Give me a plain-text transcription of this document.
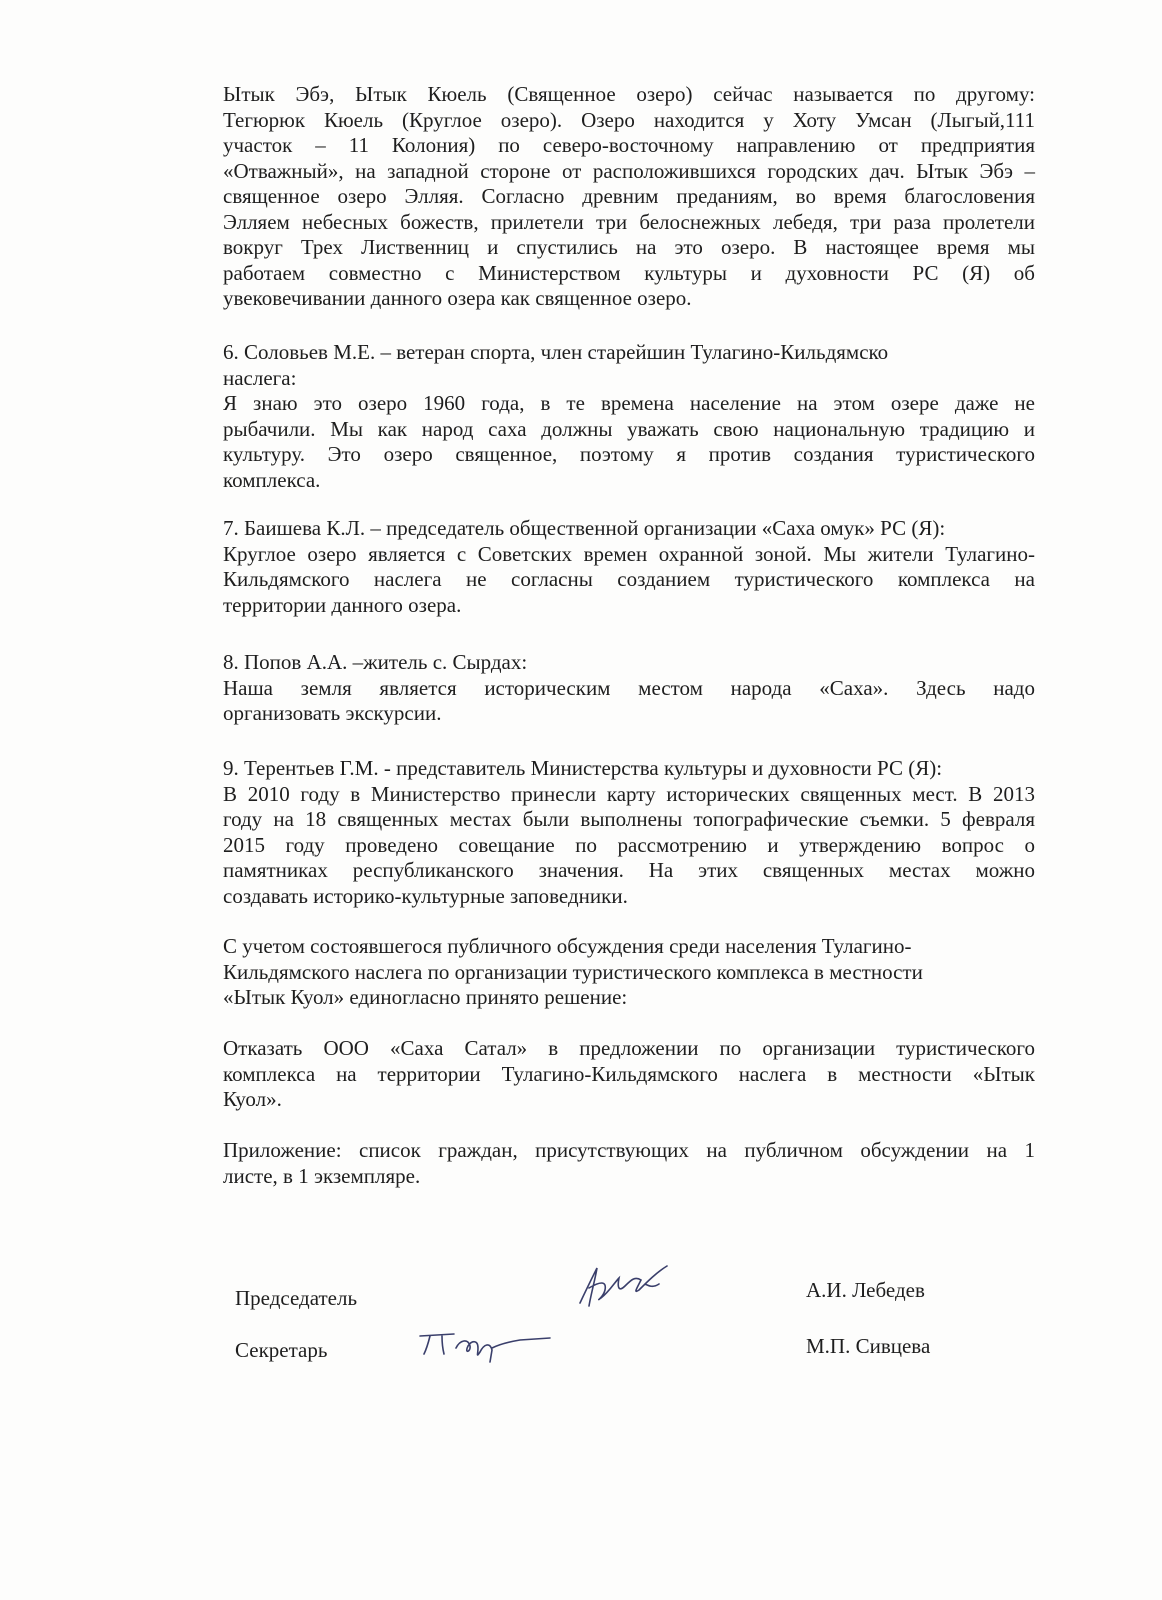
Ытык Эбэ, Ытык Кюель (Священное озеро) сейчас называется по другому:
Тегюрюк Кюель (Круглое озеро). Озеро находится у Хоту Умсан (Лыгый,111
участок – 11 Колония) по северо-восточному направлению от предприятия
«Отважный», на западной стороне от расположившихся городских дач. Ытык Эбэ –
священное озеро Элляя. Согласно древним преданиям, во время благословения
Элляем небесных божеств, прилетели три белоснежных лебедя, три раза пролетели
вокруг Трех Лиственниц и спустились на это озеро. В настоящее время мы
работаем совместно с Министерством культуры и духовности РС (Я) об
увековечивании данного озера как священное озеро.
6. Соловьев М.Е. – ветеран спорта, член старейшин Тулагино-Кильдямско
наслега:
Я знаю это озеро 1960 года, в те времена население на этом озере даже не
рыбачили. Мы как народ саха должны уважать свою национальную традицию и
культуру. Это озеро священное, поэтому я против создания туристического
комплекса.
7. Баишева К.Л. – председатель общественной организации «Саха омук» РС (Я):
Круглое озеро является с Советских времен охранной зоной. Мы жители Тулагино-
Кильдямского наслега не согласны созданием туристического комплекса на
территории данного озера.
8. Попов А.А. –житель с. Сырдах:
Наша земля является историческим местом народа «Саха». Здесь надо
организовать экскурсии.
9. Терентьев Г.М. - представитель Министерства культуры и духовности РС (Я):
В 2010 году в Министерство принесли карту исторических священных мест. В 2013
году на 18 священных местах были выполнены топографические съемки. 5 февраля
2015 году проведено совещание по рассмотрению и утверждению вопрос о
памятниках республиканского значения. На этих священных местах можно
создавать историко-культурные заповедники.
С учетом состоявшегося публичного обсуждения среди населения Тулагино-
Кильдямского наслега по организации туристического комплекса в местности
«Ытык Куол» единогласно принято решение:
Отказать ООО «Саха Сатал» в предложении по организации туристического
комплекса на территории Тулагино-Кильдямского наслега в местности «Ытык
Куол».
Приложение: список граждан, присутствующих на публичном обсуждении на 1
листе, в 1 экземпляре.
Председатель	А.И. Лебедев
Секретарь	М.П. Сивцева
